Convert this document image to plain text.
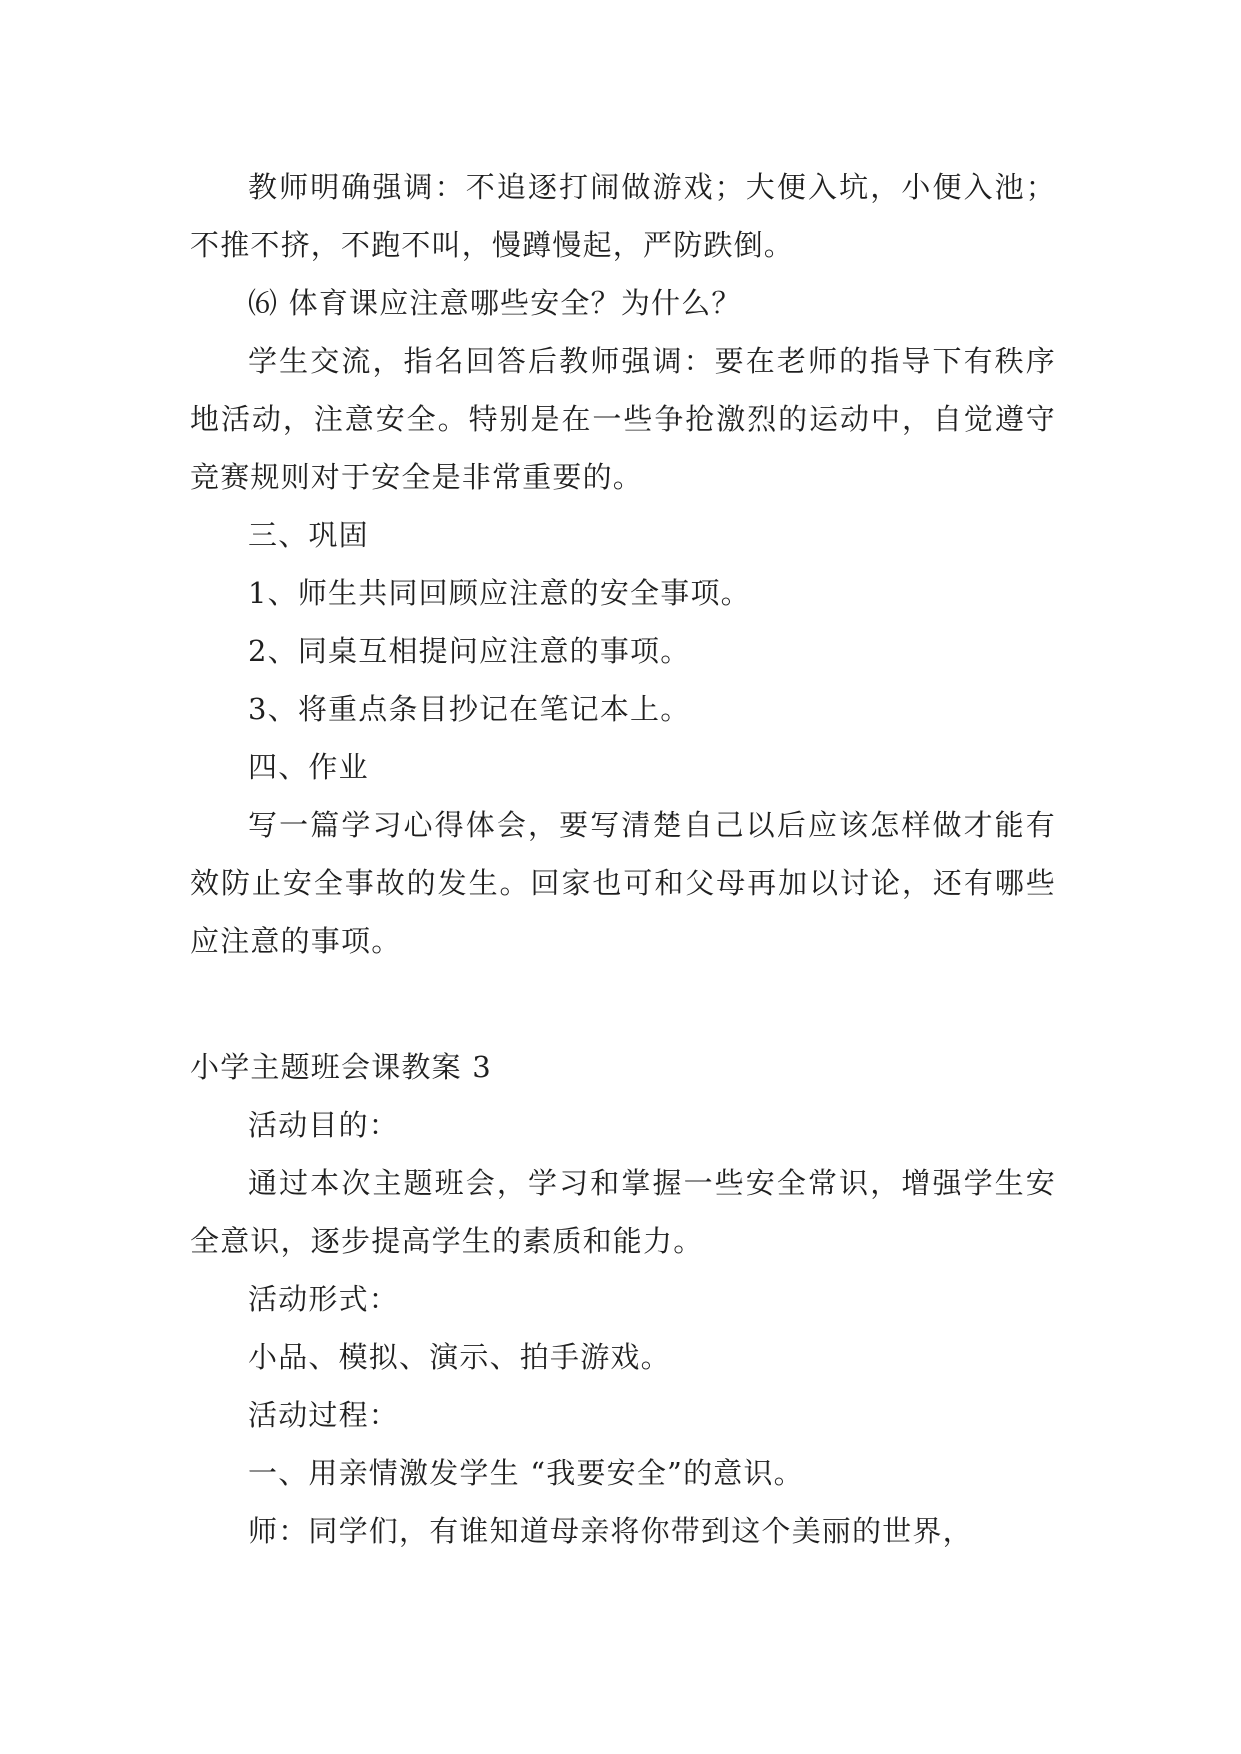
教师明确强调：不追逐打闹做游戏；大便入坑，小便入池；不推不挤，不跑不叫，慢蹲慢起，严防跌倒。

⑹ 体育课应注意哪些安全？为什么？

学生交流，指名回答后教师强调：要在老师的指导下有秩序地活动，注意安全。特别是在一些争抢激烈的运动中，自觉遵守竞赛规则对于安全是非常重要的。

三、巩固

1、师生共同回顾应注意的安全事项。

2、同桌互相提问应注意的事项。

3、将重点条目抄记在笔记本上。

四、作业

写一篇学习心得体会，要写清楚自己以后应该怎样做才能有效防止安全事故的发生。回家也可和父母再加以讨论，还有哪些应注意的事项。

小学主题班会课教案 3

活动目的：

通过本次主题班会，学习和掌握一些安全常识，增强学生安全意识，逐步提高学生的素质和能力。

活动形式：

小品、模拟、演示、拍手游戏。

活动过程：

一、用亲情激发学生 “我要安全”的意识。

师：同学们，有谁知道母亲将你带到这个美丽的世界，
